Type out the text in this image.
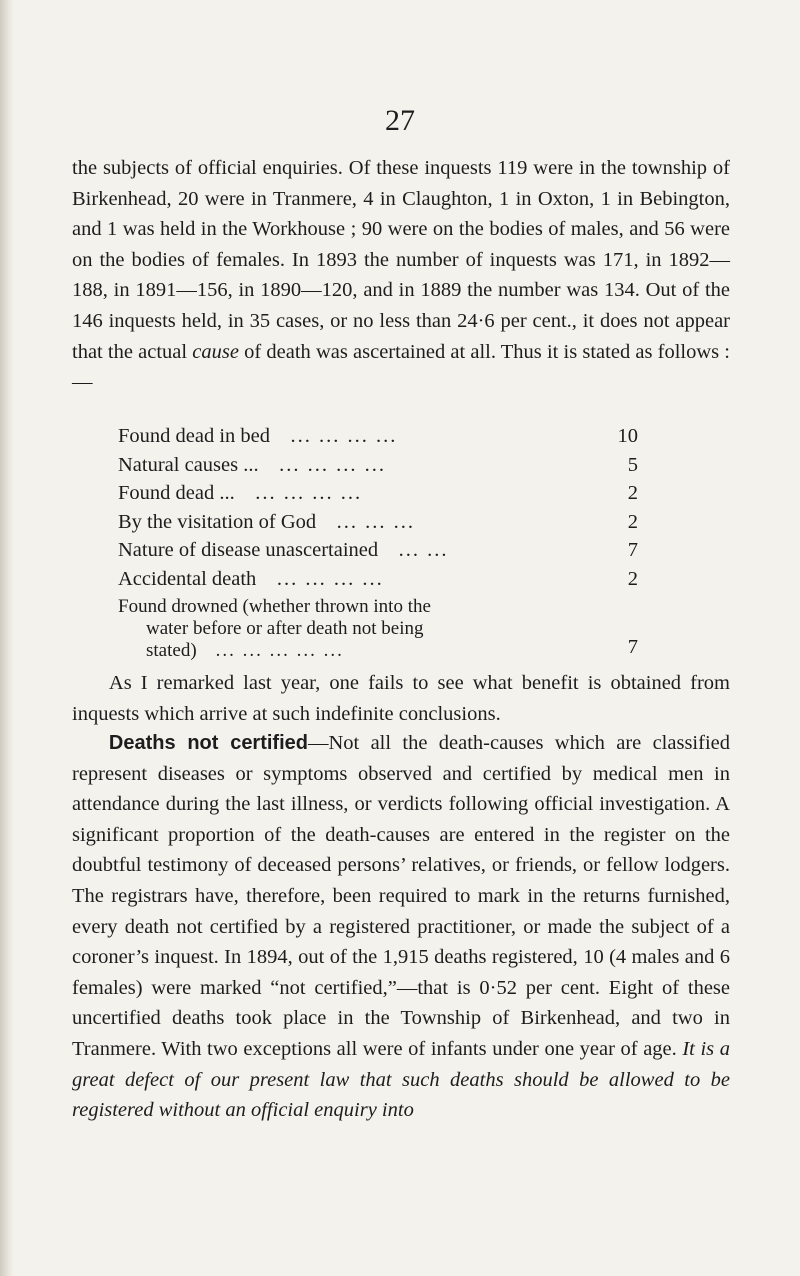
27

the subjects of official enquiries. Of these inquests 119 were in the township of Birkenhead, 20 were in Tranmere, 4 in Claughton, 1 in Oxton, 1 in Bebington, and 1 was held in the Workhouse ; 90 were on the bodies of males, and 56 were on the bodies of females. In 1893 the number of inquests was 171, in 1892—188, in 1891—156, in 1890—120, and in 1889 the number was 134. Out of the 146 inquests held, in 35 cases, or no less than 24·6 per cent., it does not appear that the actual cause of death was ascertained at all. Thus it is stated as follows :—

Found dead in bed ... ... ... ...	10
Natural causes ... ... ... ... ...	5
Found dead ... ... ... ... ...	2
By the visitation of God ... ... ...	2
Nature of disease unascertained ... ...	7
Accidental death ... ... ... ...	2
Found drowned (whether thrown into the
water before or after death not being
stated) ... ... ... ... ...	7

As I remarked last year, one fails to see what benefit is obtained from inquests which arrive at such indefinite conclusions.

Deaths not certified—Not all the death-causes which are classified represent diseases or symptoms observed and certified by medical men in attendance during the last illness, or verdicts following official investigation. A significant proportion of the death-causes are entered in the register on the doubtful testimony of deceased persons’ relatives, or friends, or fellow lodgers. The registrars have, therefore, been required to mark in the returns furnished, every death not certified by a registered practitioner, or made the subject of a coroner’s inquest. In 1894, out of the 1,915 deaths registered, 10 (4 males and 6 females) were marked “not certified,”—that is 0·52 per cent. Eight of these uncertified deaths took place in the Township of Birkenhead, and two in Tranmere. With two exceptions all were of infants under one year of age. It is a great defect of our present law that such deaths should be allowed to be registered without an official enquiry into
